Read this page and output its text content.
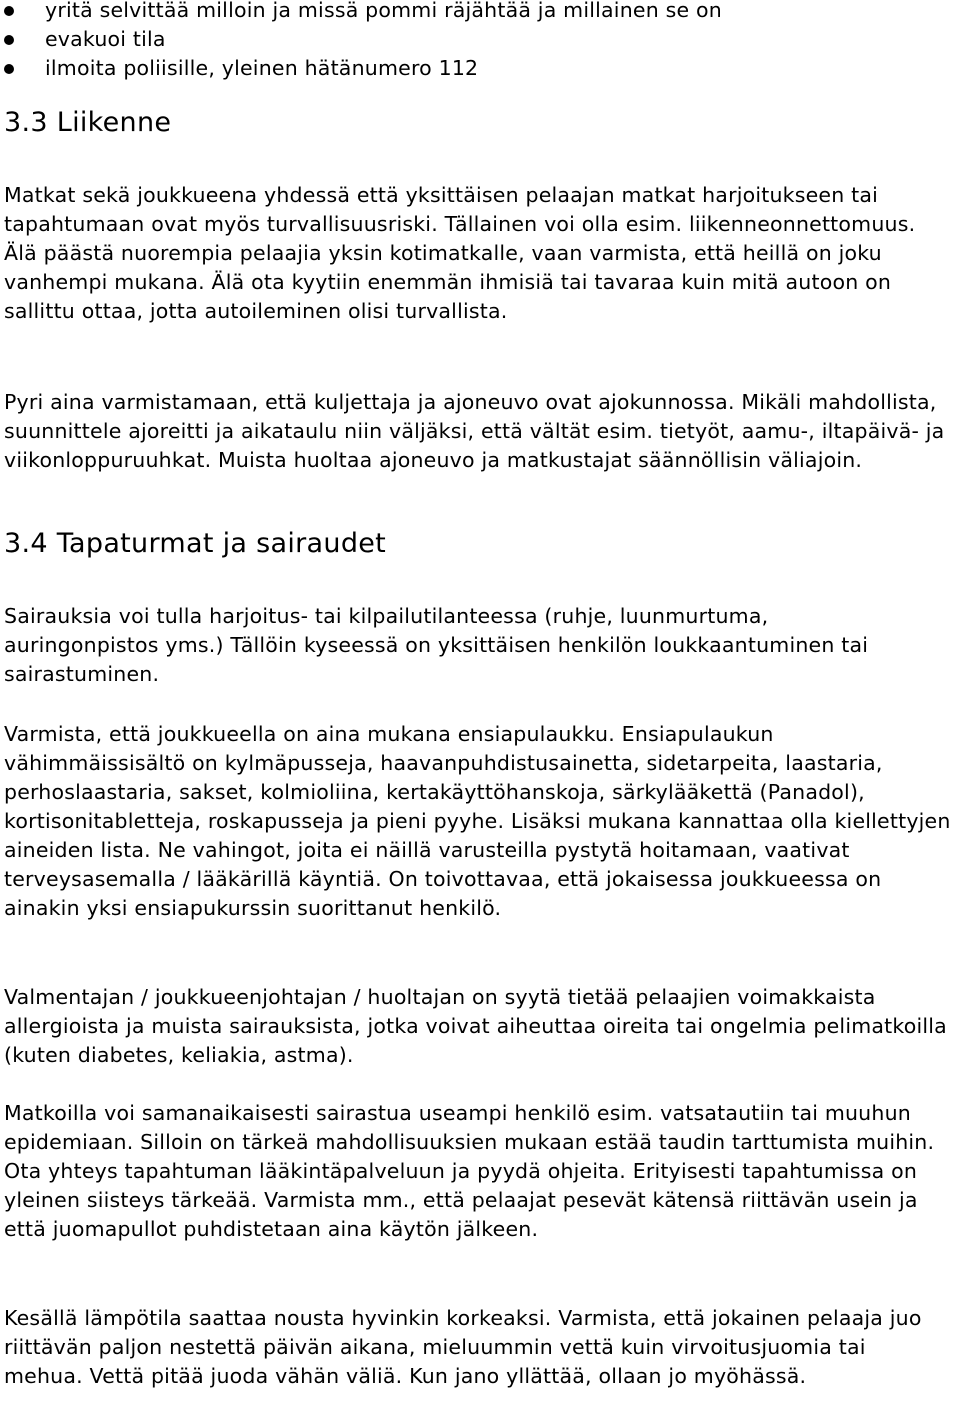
yritä selvittää milloin ja missä pommi räjähtää ja millainen se on
evakuoi tila
ilmoita poliisille, yleinen hätänumero 112
3.3 Liikenne

Matkat sekä joukkueena yhdessä että yksittäisen pelaajan matkat harjoitukseen tai tapahtumaan ovat myös turvallisuusriski. Tällainen voi olla esim. liikenneonnettomuus. Älä päästä nuorempia pelaajia yksin kotimatkalle, vaan varmista, että heillä on joku vanhempi mukana. Älä ota kyytiin enemmän ihmisiä tai tavaraa kuin mitä autoon on sallittu ottaa, jotta autoileminen olisi turvallista.

Pyri aina varmistamaan, että kuljettaja ja ajoneuvo ovat ajokunnossa. Mikäli mahdollista, suunnittele ajoreitti ja aikataulu niin väljäksi, että vältät esim. tietyöt, aamu-, iltapäivä- ja viikonloppuruuhkat. Muista huoltaa ajoneuvo ja matkustajat säännöllisin väliajoin.

3.4 Tapaturmat ja sairaudet

Sairauksia voi tulla harjoitus- tai kilpailutilanteessa (ruhje, luunmurtuma, auringonpistos yms.) Tällöin kyseessä on yksittäisen henkilön loukkaantuminen tai sairastuminen.

Varmista, että joukkueella on aina mukana ensiapulaukku. Ensiapulaukun vähimmäissisältö on kylmäpusseja, haavanpuhdistusainetta, sidetarpeita, laastaria, perhoslaastaria, sakset, kolmioliina, kertakäyttöhanskoja, särkylääkettä (Panadol), kortisonitabletteja, roskapusseja ja pieni pyyhe. Lisäksi mukana kannattaa olla kiellettyjen aineiden lista. Ne vahingot, joita ei näillä varusteilla pystytä hoitamaan, vaativat terveysasemalla / lääkärillä käyntiä. On toivottavaa, että jokaisessa joukkueessa on ainakin yksi ensiapukurssin suorittanut henkilö.

Valmentajan / joukkueenjohtajan / huoltajan on syytä tietää pelaajien voimakkaista allergioista ja muista sairauksista, jotka voivat aiheuttaa oireita tai ongelmia pelimatkoilla (kuten diabetes, keliakia, astma).

Matkoilla voi samanaikaisesti sairastua useampi henkilö esim. vatsatautiin tai muuhun epidemiaan. Silloin on tärkeä mahdollisuuksien mukaan estää taudin tarttumista muihin. Ota yhteys tapahtuman lääkintäpalveluun ja pyydä ohjeita. Erityisesti tapahtumissa on yleinen siisteys tärkeää. Varmista mm., että pelaajat pesevät kätensä riittävän usein ja että juomapullot puhdistetaan aina käytön jälkeen.

Kesällä lämpötila saattaa nousta hyvinkin korkeaksi. Varmista, että jokainen pelaaja juo riittävän paljon nestettä päivän aikana, mieluummin vettä kuin virvoitusjuomia tai mehua. Vettä pitää juoda vähän väliä. Kun jano yllättää, ollaan jo myöhässä.
